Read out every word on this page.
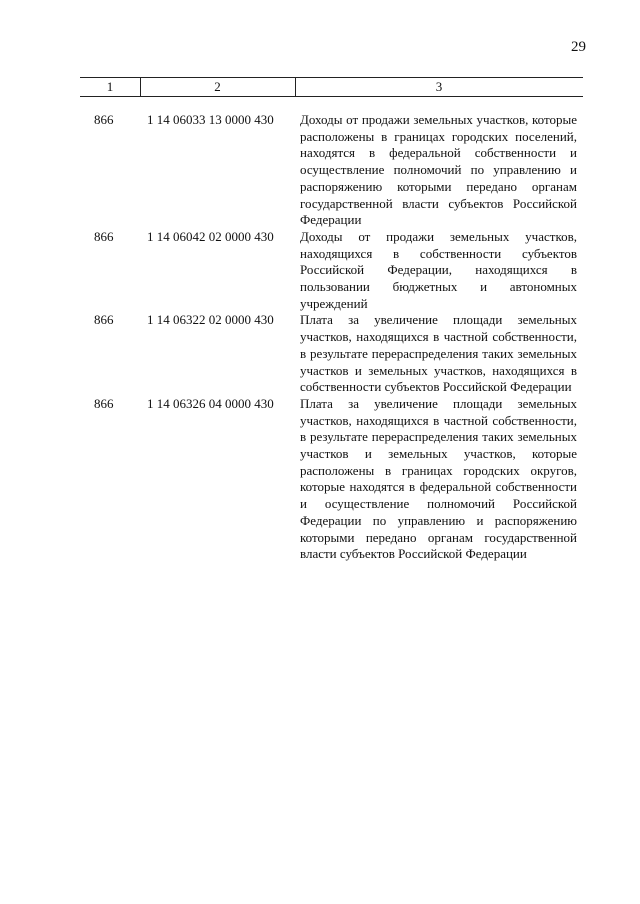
29
1	2	3
866	1 14 06033 13 0000 430 Доходы от продажи земельных участков, которые расположены в границах городских поселений, находятся в федеральной собственности и осуществление полномочий по управлению и распоряжению которыми передано органам государственной власти субъектов Российской Федерации
866	1 14 06042 02 0000 430 Доходы от продажи земельных участков, находящихся в собственности субъектов Российской Федерации, находящихся в пользовании бюджетных и автономных учреждений
866	1 14 06322 02 0000 430 Плата за увеличение площади земельных участков, находящихся в частной собственности, в результате перераспределения таких земельных участков и земельных участков, находящихся в собственности субъектов Российской Федерации
866	1 14 06326 04 0000 430 Плата за увеличение площади земельных участков, находящихся в частной собственности, в результате перераспределения таких земельных участков и земельных участков, которые расположены в границах городских округов, которые находятся в федеральной собственности и осуществление полномочий Российской Федерации по управлению и распоряжению которыми передано органам государственной власти субъектов Российской Федерации
